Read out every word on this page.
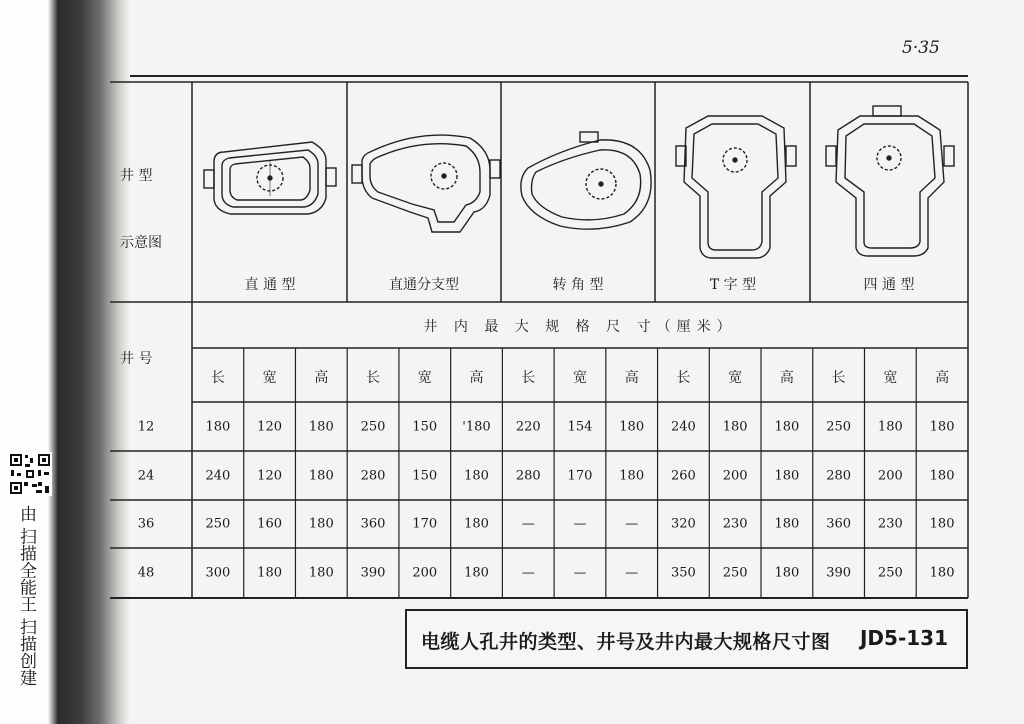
由 扫描全能王 扫描创建
5·35
井 型
示意图
井 号
井 内 最 大 规 格 尺 寸（厘米）
直 通 型	直通分支型	转 角 型	T 字 型	四 通 型
长	宽	高	长	宽	高	长	宽	高	长	宽	高	长	宽	高
12	180 120 180 250 150 '180 220 154 180 240 180 180 250 180 180
24	240 120 180 280 150 180 280 170 180 260 200 180 280 200 180
36	250 160 180 360 170 180	—	—	—	320 230 180 360 230 180
48	300 180 180 390 200 180	—	—	—	350 250 180 390 250 180
电缆人孔井的类型、井号及井内最大规格尺寸图 JD5-131
